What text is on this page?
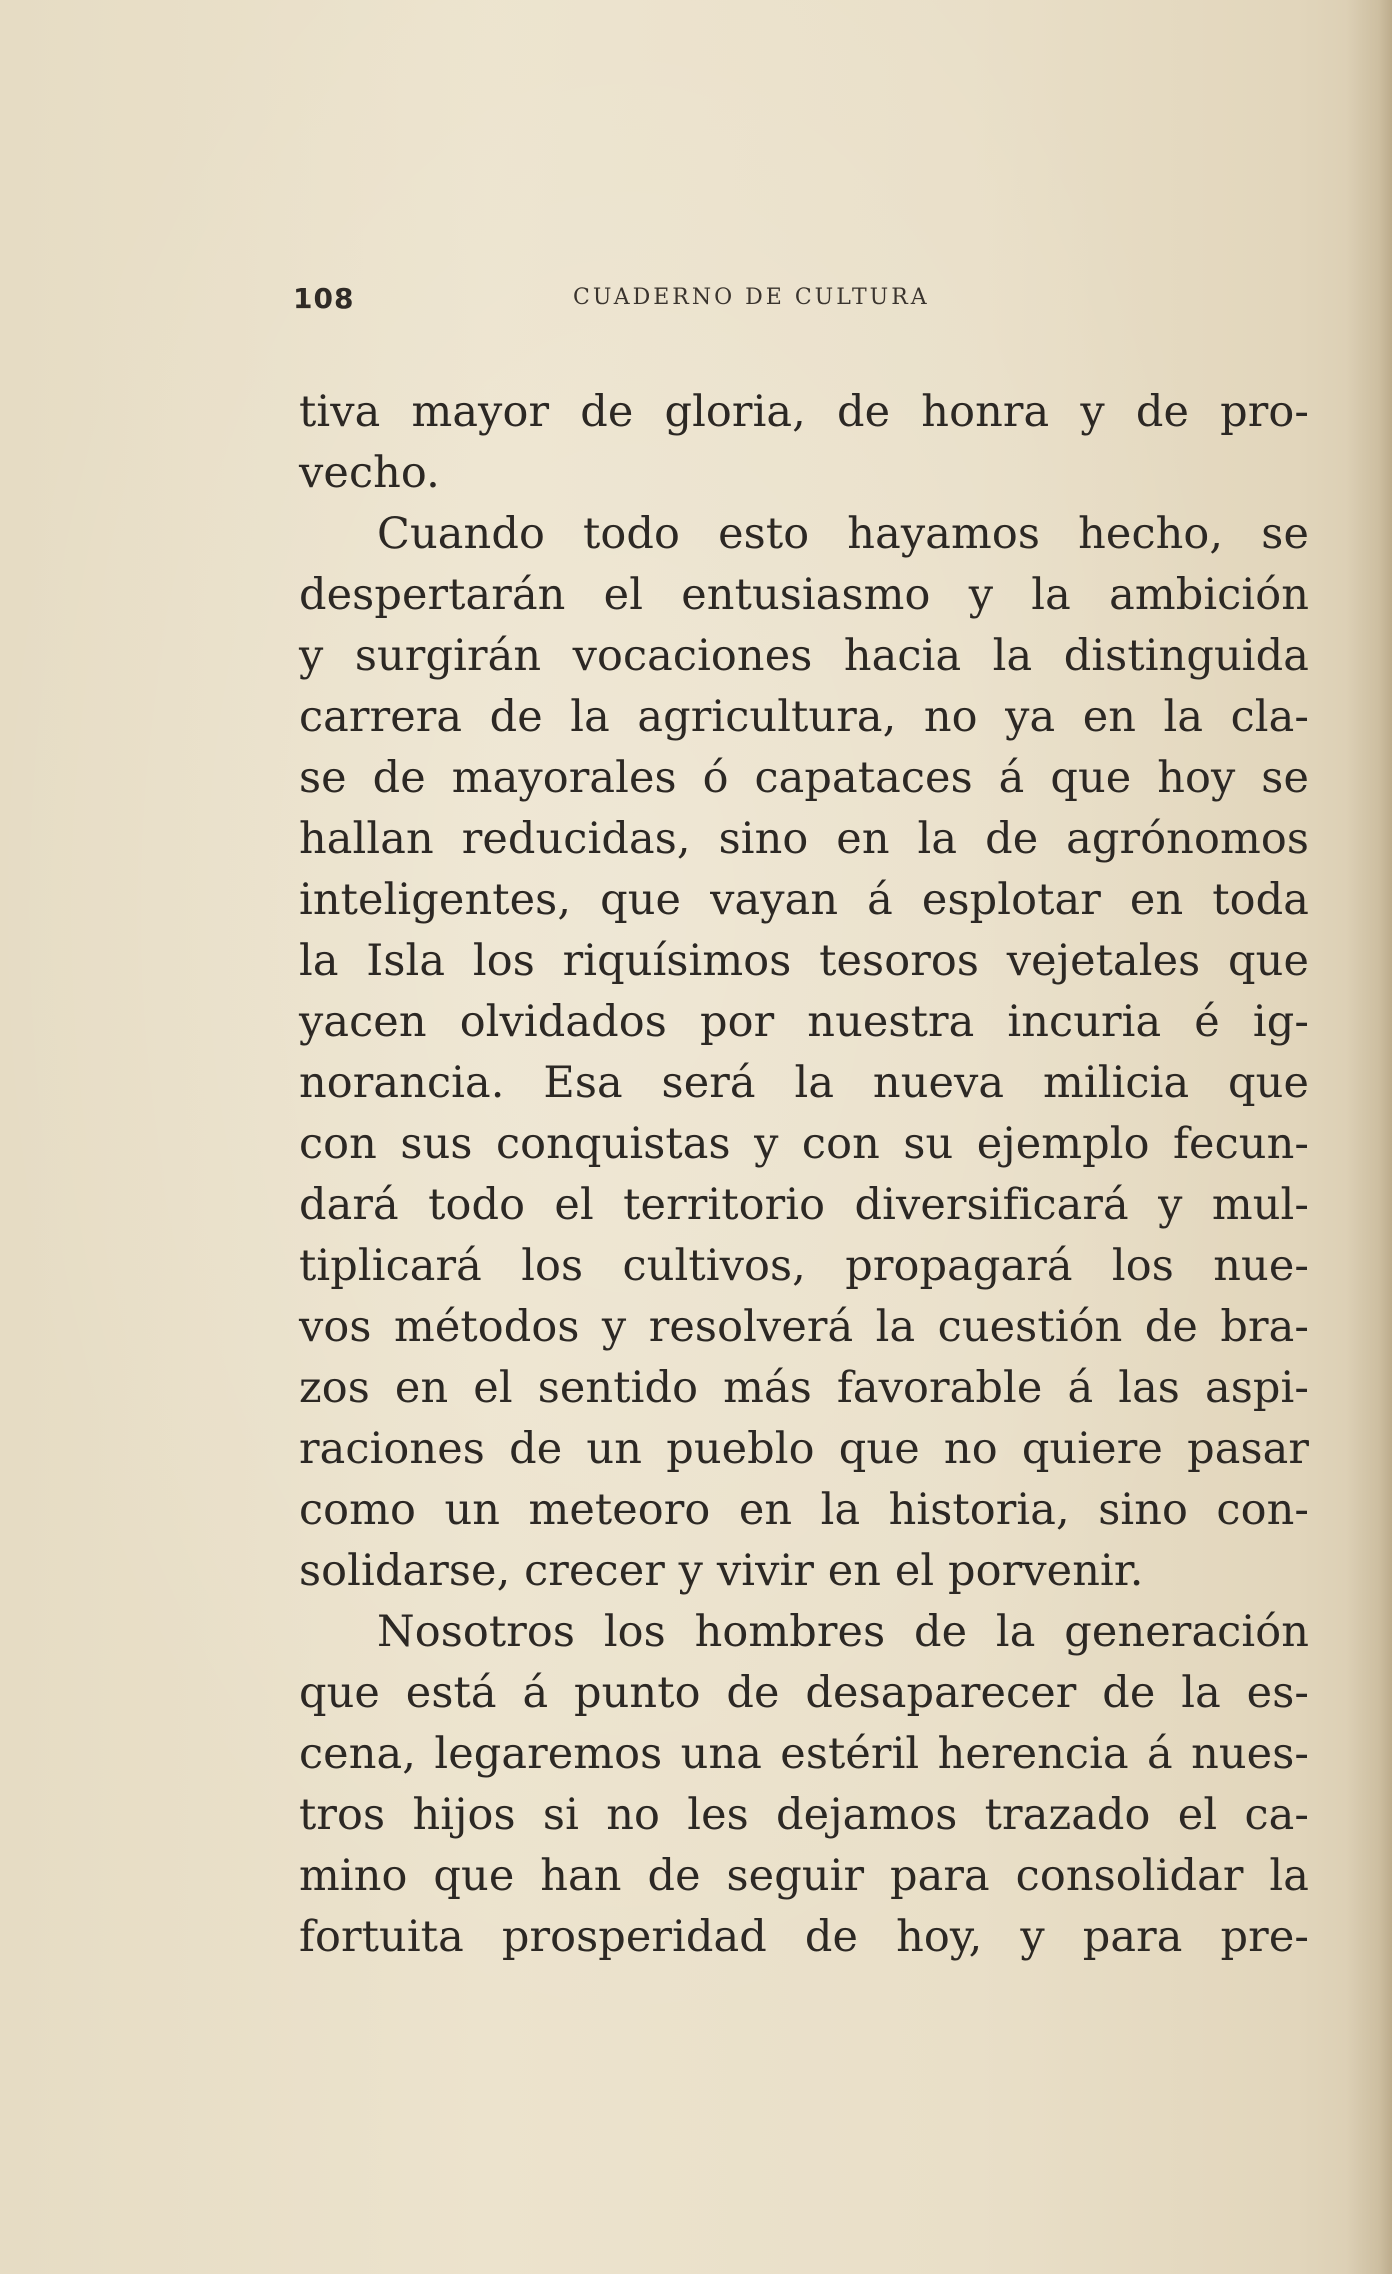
108	CUADERNO DE CULTURA

tiva mayor de gloria, de honra y de pro-
vecho.

Cuando todo esto hayamos hecho, se
despertarán el entusiasmo y la ambición
y surgirán vocaciones hacia la distinguida
carrera de la agricultura, no ya en la cla-
se de mayorales ó capataces á que hoy se
hallan reducidas, sino en la de agrónomos
inteligentes, que vayan á esplotar en toda
la Isla los riquísimos tesoros vejetales que
yacen olvidados por nuestra incuria é ig-
norancia. Esa será la nueva milicia que
con sus conquistas y con su ejemplo fecun-
dará todo el territorio diversificará y mul-
tiplicará los cultivos, propagará los nue-
vos métodos y resolverá la cuestión de bra-
zos en el sentido más favorable á las aspi-
raciones de un pueblo que no quiere pasar
como un meteoro en la historia, sino con-
solidarse, crecer y vivir en el porvenir.

Nosotros los hombres de la generación
que está á punto de desaparecer de la es-
cena, legaremos una estéril herencia á nues-
tros hijos si no les dejamos trazado el ca-
mino que han de seguir para consolidar la
fortuita prosperidad de hoy, y para pre-
